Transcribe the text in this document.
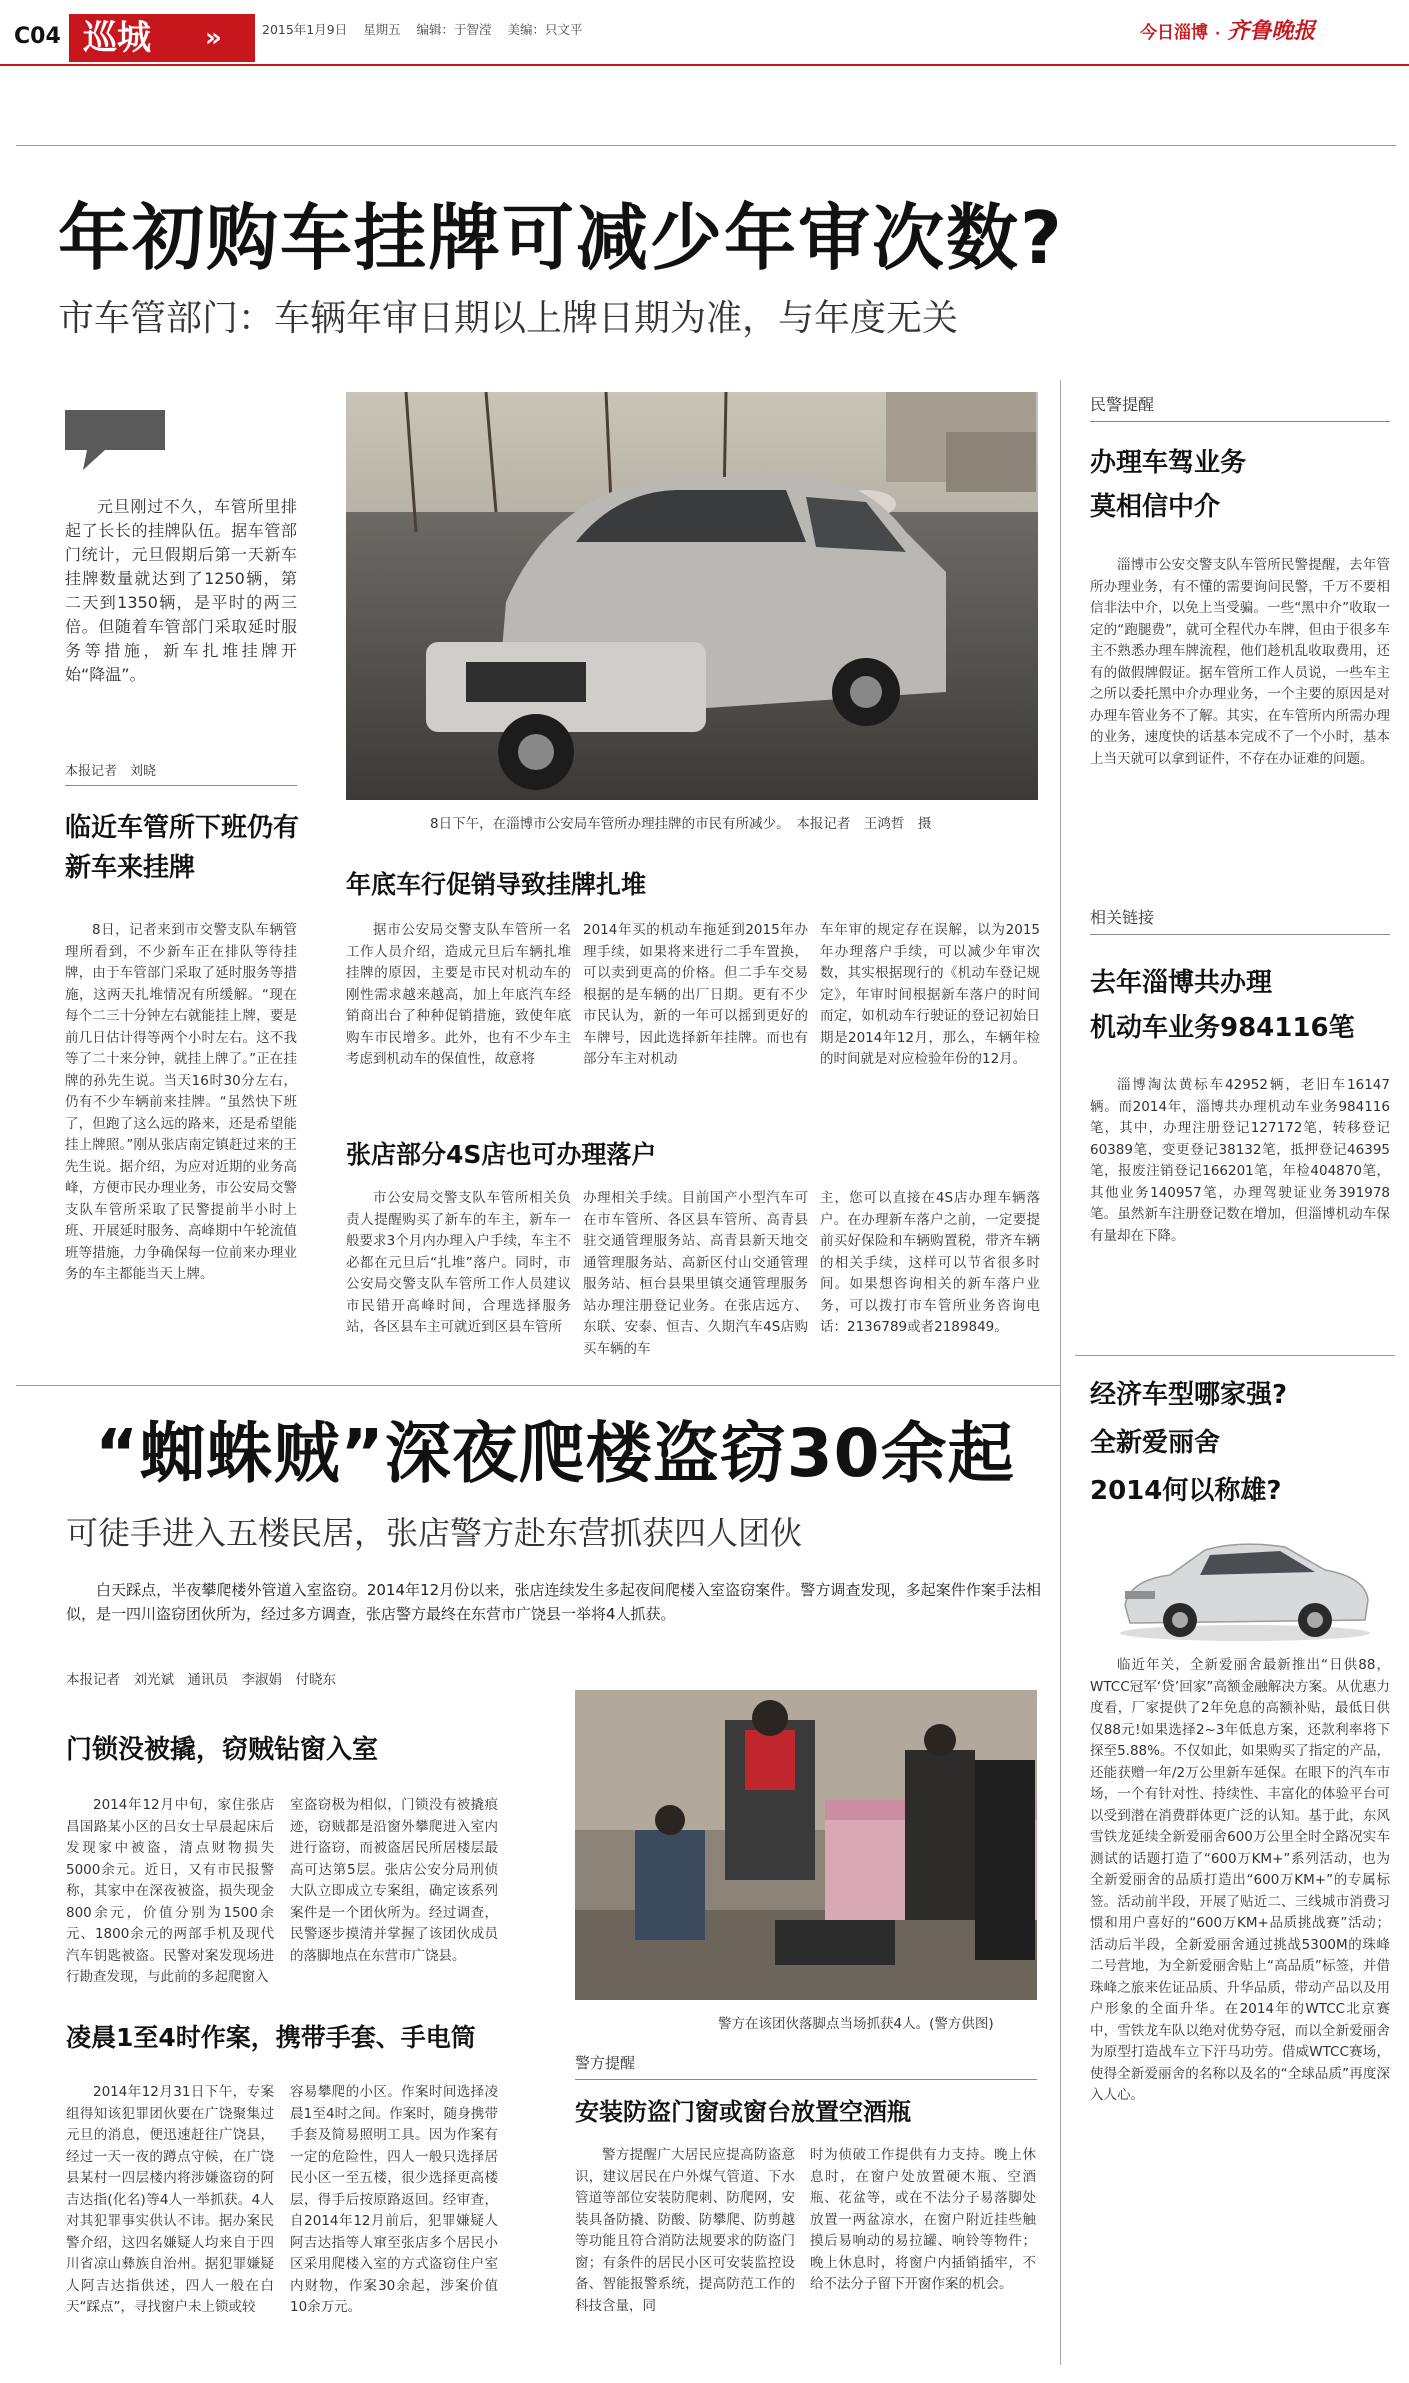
C04 巡城	»	2015年1月9日 星期五 编辑：于智滢 美编：只文平	今日淄博 · 齐鲁晚报
年初购车挂牌可减少年审次数?
市车管部门：车辆年审日期以上牌日期为准，与年度无关
元旦刚过不久，车管所里排起了长长的挂牌队伍。据车管部门统计，元旦假期后第一天新车挂牌数量就达到了1250辆，第二天到1350辆，是平时的两三倍。但随着车管部门采取延时服务等措施，新车扎堆挂牌开始“降温”。
本报记者　刘晓
8日下午，在淄博市公安局车管所办理挂牌的市民有所减少。　本报记者　王鸿哲　摄
临近车管所下班仍有新车来挂牌
8日，记者来到市交警支队车辆管理所看到，不少新车正在排队等待挂牌，由于车管部门采取了延时服务等措施，这两天扎堆情况有所缓解。“现在每个二三十分钟左右就能挂上牌，要是前几日估计得等两个小时左右。这不我等了二十来分钟，就挂上牌了。”正在挂牌的孙先生说。当天16时30分左右，仍有不少车辆前来挂牌。“虽然快下班了，但跑了这么远的路来，还是希望能挂上牌照。”刚从张店南定镇赶过来的王先生说。据介绍，为应对近期的业务高峰，方便市民办理业务，市公安局交警支队车管所采取了民警提前半小时上班、开展延时服务、高峰期中午轮流值班等措施，力争确保每一位前来办理业务的车主都能当天上牌。
年底车行促销导致挂牌扎堆
据市公安局交警支队车管所一名工作人员介绍，造成元旦后车辆扎堆挂牌的原因，主要是市民对机动车的刚性需求越来越高，加上年底汽车经销商出台了种种促销措施，致使年底购车市民增多。此外，也有不少车主考虑到机动车的保值性，故意将
2014年买的机动车拖延到2015年办理手续，如果将来进行二手车置换，可以卖到更高的价格。但二手车交易根据的是车辆的出厂日期。更有不少市民认为，新的一年可以摇到更好的车牌号，因此选择新年挂牌。而也有部分车主对机动
车年审的规定存在误解，以为2015年办理落户手续，可以减少年审次数，其实根据现行的《机动车登记规定》，年审时间根据新车落户的时间而定，如机动车行驶证的登记初始日期是2014年12月，那么，车辆年检的时间就是对应检验年份的12月。
张店部分4S店也可办理落户
市公安局交警支队车管所相关负责人提醒购买了新车的车主，新车一般要求3个月内办理入户手续，车主不必都在元旦后“扎堆”落户。同时，市公安局交警支队车管所工作人员建议市民错开高峰时间，合理选择服务站，各区县车主可就近到区县车管所
办理相关手续。目前国产小型汽车可在市车管所、各区县车管所、高青县驻交通管理服务站、高青县新天地交通管理服务站、高新区付山交通管理服务站、桓台县果里镇交通管理服务站办理注册登记业务。在张店远方、东联、安泰、恒吉、久期汽车4S店购买车辆的车
主，您可以直接在4S店办理车辆落户。在办理新车落户之前，一定要提前买好保险和车辆购置税，带齐车辆的相关手续，这样可以节省很多时间。如果想咨询相关的新车落户业务，可以拨打市车管所业务咨询电话：2136789或者2189849。
“蜘蛛贼”深夜爬楼盗窃30余起
可徒手进入五楼民居，张店警方赴东营抓获四人团伙
白天踩点，半夜攀爬楼外管道入室盗窃。2014年12月份以来，张店连续发生多起夜间爬楼入室盗窃案件。警方调查发现，多起案件作案手法相似，是一四川盗窃团伙所为，经过多方调查，张店警方最终在东营市广饶县一举将4人抓获。
本报记者　刘光斌　通讯员　李淑娟　付晓东
门锁没被撬，窃贼钻窗入室
2014年12月中旬，家住张店昌国路某小区的吕女士早晨起床后发现家中被盗，清点财物损失5000余元。近日，又有市民报警称，其家中在深夜被盗，损失现金800余元，价值分别为1500余元、1800余元的两部手机及现代汽车钥匙被盗。民警对案发现场进行勘查发现，与此前的多起爬窗入
室盗窃极为相似，门锁没有被撬痕迹，窃贼都是沿窗外攀爬进入室内进行盗窃，而被盗居民所居楼层最高可达第5层。张店公安分局刑侦大队立即成立专案组，确定该系列案件是一个团伙所为。经过调查，民警逐步摸清并掌握了该团伙成员的落脚地点在东营市广饶县。
凌晨1至4时作案，携带手套、手电筒
2014年12月31日下午，专案组得知该犯罪团伙要在广饶聚集过元旦的消息，便迅速赶往广饶县，经过一天一夜的蹲点守候，在广饶县某村一四层楼内将涉嫌盗窃的阿吉达指(化名)等4人一举抓获。4人对其犯罪事实供认不讳。据办案民警介绍，这四名嫌疑人均来自于四川省凉山彝族自治州。据犯罪嫌疑人阿吉达指供述，四人一般在白天“踩点”，寻找窗户未上锁或较
容易攀爬的小区。作案时间选择凌晨1至4时之间。作案时，随身携带手套及简易照明工具。因为作案有一定的危险性，四人一般只选择居民小区一至五楼，很少选择更高楼层，得手后按原路返回。经审查，自2014年12月前后，犯罪嫌疑人阿吉达指等人窜至张店多个居民小区采用爬楼入室的方式盗窃住户室内财物，作案30余起，涉案价值10余万元。
警方在该团伙落脚点当场抓获4人。(警方供图)
警方提醒
安装防盗门窗或窗台放置空酒瓶
警方提醒广大居民应提高防盗意识，建议居民在户外煤气管道、下水管道等部位安装防爬刺、防爬网，安装具备防撬、防酸、防攀爬、防剪越等功能且符合消防法规要求的防盗门窗；有条件的居民小区可安装监控设备、智能报警系统，提高防范工作的科技含量，同
时为侦破工作提供有力支持。晚上休息时，在窗户处放置硬木瓶、空酒瓶、花盆等，或在不法分子易落脚处放置一两盆凉水，在窗户附近挂些触摸后易响动的易拉罐、响铃等物件；晚上休息时，将窗户内插销插牢，不给不法分子留下开窗作案的机会。
民警提醒
办理车驾业务
莫相信中介
淄博市公安交警支队车管所民警提醒，去年管所办理业务，有不懂的需要询问民警，千万不要相信非法中介，以免上当受骗。一些“黑中介”收取一定的“跑腿费”，就可全程代办车牌，但由于很多车主不熟悉办理车牌流程，他们趁机乱收取费用，还有的做假牌假证。据车管所工作人员说，一些车主之所以委托黑中介办理业务，一个主要的原因是对办理车管业务不了解。其实，在车管所内所需办理的业务，速度快的话基本完成不了一个小时，基本上当天就可以拿到证件，不存在办证难的问题。
相关链接
去年淄博共办理
机动车业务984116笔
淄博淘汰黄标车42952辆，老旧车16147辆。而2014年，淄博共办理机动车业务984116笔，其中，办理注册登记127172笔，转移登记60389笔，变更登记38132笔，抵押登记46395笔，报废注销登记166201笔，年检404870笔，其他业务140957笔，办理驾驶证业务391978笔。虽然新车注册登记数在增加，但淄博机动车保有量却在下降。
经济车型哪家强?
全新爱丽舍
2014何以称雄?
临近年关，全新爱丽舍最新推出“日供88，WTCC冠军‘贷’回家”高额金融解决方案。从优惠力度看，厂家提供了2年免息的高额补贴，最低日供仅88元!如果选择2~3年低息方案，还款利率将下探至5.88%。不仅如此，如果购买了指定的产品，还能获赠一年/2万公里新车延保。在眼下的汽车市场，一个有针对性、持续性、丰富化的体验平台可以受到潜在消费群体更广泛的认知。基于此，东风雪铁龙延续全新爱丽舍600万公里全时全路况实车测试的话题打造了“600万KM+”系列活动，也为全新爱丽舍的品质打造出“600万KM+”的专属标签。活动前半段，开展了贴近二、三线城市消费习惯和用户喜好的“600万KM+品质挑战赛”活动；活动后半段，全新爱丽舍通过挑战5300M的珠峰二号营地，为全新爱丽舍贴上“高品质”标签，并借珠峰之旅来佐证品质、升华品质，带动产品以及用户形象的全面升华。在2014年的WTCC北京赛中，雪铁龙车队以绝对优势夺冠，而以全新爱丽舍为原型打造战车立下汗马功劳。借威WTCC赛场，使得全新爱丽舍的名称以及名的“全球品质”再度深入人心。
